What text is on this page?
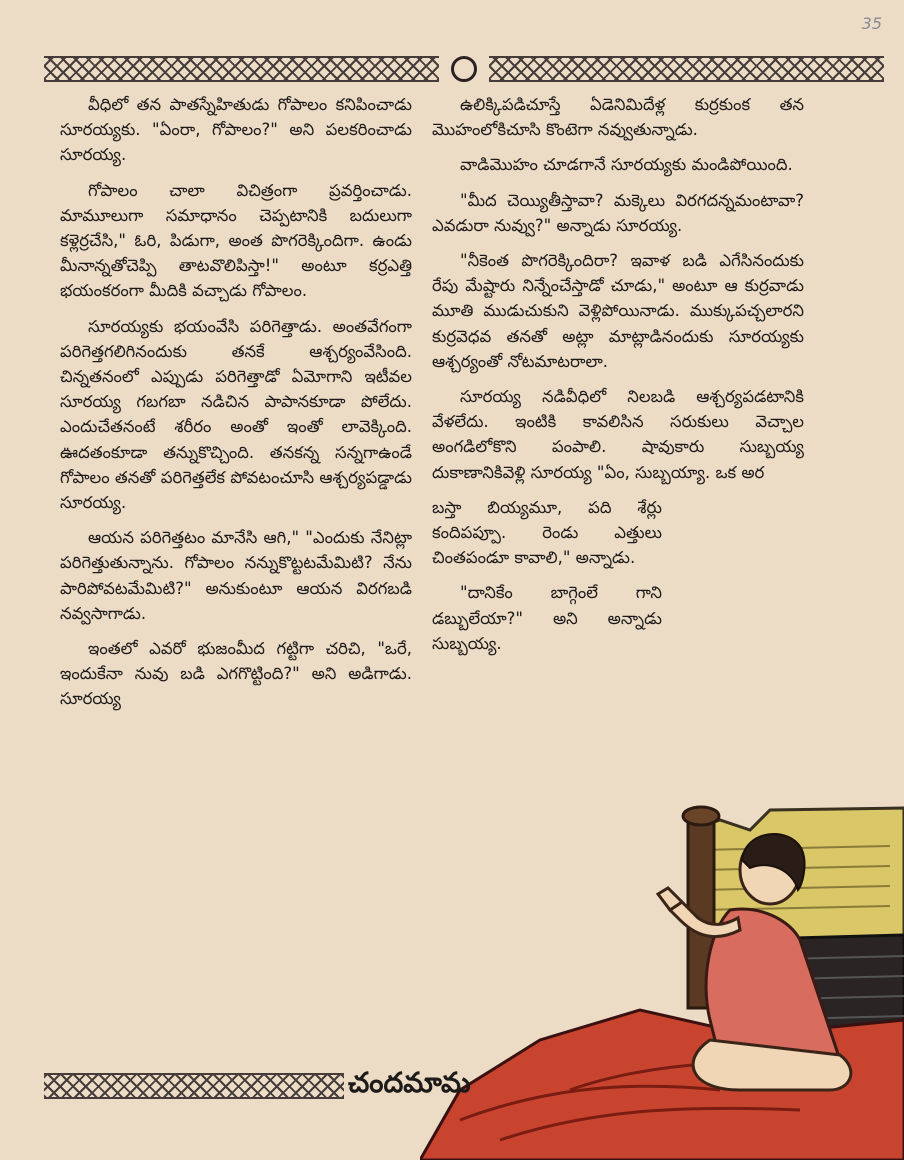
35

వీధిలో తన పాతస్నేహితుడు గోపాలం కనిపించాడు సూరయ్యకు. "ఏంరా, గోపాలం?" అని పలకరించాడు సూరయ్య.

గోపాలం చాలా విచిత్రంగా ప్రవర్తించాడు. మామూలుగా సమాధానం చెప్పటానికి బదులుగా కళ్లెర్రచేసి," ఓరి, పిడుగా, అంత పొగరెక్కిందిగా. ఉండు మీనాన్నతోచెప్పి తాటవొలిపిస్తా!" అంటూ కర్రఎత్తి భయంకరంగా మీదికి వచ్చాడు గోపాలం.

సూరయ్యకు భయంవేసి పరిగెత్తాడు. అంతవేగంగా పరిగెత్తగలిగినందుకు తనకే ఆశ్చర్యంవేసింది. చిన్నతనంలో ఎప్పుడు పరిగెత్తాడో ఏమోగాని ఇటీవల సూరయ్య గబగబా నడిచిన పాపానకూడా పోలేదు. ఎందుచేతనంటే శరీరం అంతో ఇంతో లావెక్కింది. ఊదతంకూడా తన్నుకొచ్చింది. తనకన్న సన్నగాఉండే గోపాలం తనతో పరిగెత్తలేక పోవటంచూసి ఆశ్చర్యపడ్డాడు సూరయ్య.

ఆయన పరిగెత్తటం మానేసి ఆగి," "ఎందుకు నేనిట్లా పరిగెత్తుతున్నాను. గోపాలం నన్నుకొట్టటమేమిటి? నేను పారిపోవటమేమిటి?" అనుకుంటూ ఆయన విరగబడి నవ్వసాగాడు.

ఇంతలో ఎవరో భుజంమీద గట్టిగా చరిచి, "ఒరే, ఇందుకేనా నువు బడి ఎగగొట్టింది?" అని అడిగాడు. సూరయ్య

ఉలిక్కిపడిచూస్తే ఏడెనిమిదేళ్ల కుర్రకుంక తన మొహంలోకిచూసి కొంటెగా నవ్వుతున్నాడు.

వాడిమొహం చూడగానే సూరయ్యకు మండిపోయింది.

"మీద చెయ్యితీస్తావా? మక్కెలు విరగదన్నమంటావా? ఎవడురా నువ్వు?" అన్నాడు సూరయ్య.

"నీకెంత పొగరెక్కిందిరా? ఇవాళ బడి ఎగేసినందుకు రేపు మేష్టారు నిన్నేంచేస్తాడో చూడు," అంటూ ఆ కుర్రవాడు మూతి ముడుచుకుని వెళ్లిపోయినాడు. ముక్కుపచ్చలారని కుర్రవెధవ తనతో అట్లా మాట్లాడినందుకు సూరయ్యకు ఆశ్చర్యంతో నోటమాటరాలా.

సూరయ్య నడివీధిలో నిలబడి ఆశ్చర్యపడటానికి వేళలేదు. ఇంటికి కావలిసిన సరుకులు వెచ్చాల అంగడిలోకొని పంపాలి. షావుకారు సుబ్బయ్య దుకాణానికివెళ్లి సూరయ్య "ఏం, సుబ్బయ్యా. ఒక అర

బస్తా బియ్యమూ, పది శేర్లు కందిపప్పూ. రెండు ఎత్తులు చింతపండూ కావాలి," అన్నాడు.

"దానికేం బాగ్గెంలే గాని డబ్బులేయా?" అని అన్నాడు సుబ్బయ్య.

చందమామ
